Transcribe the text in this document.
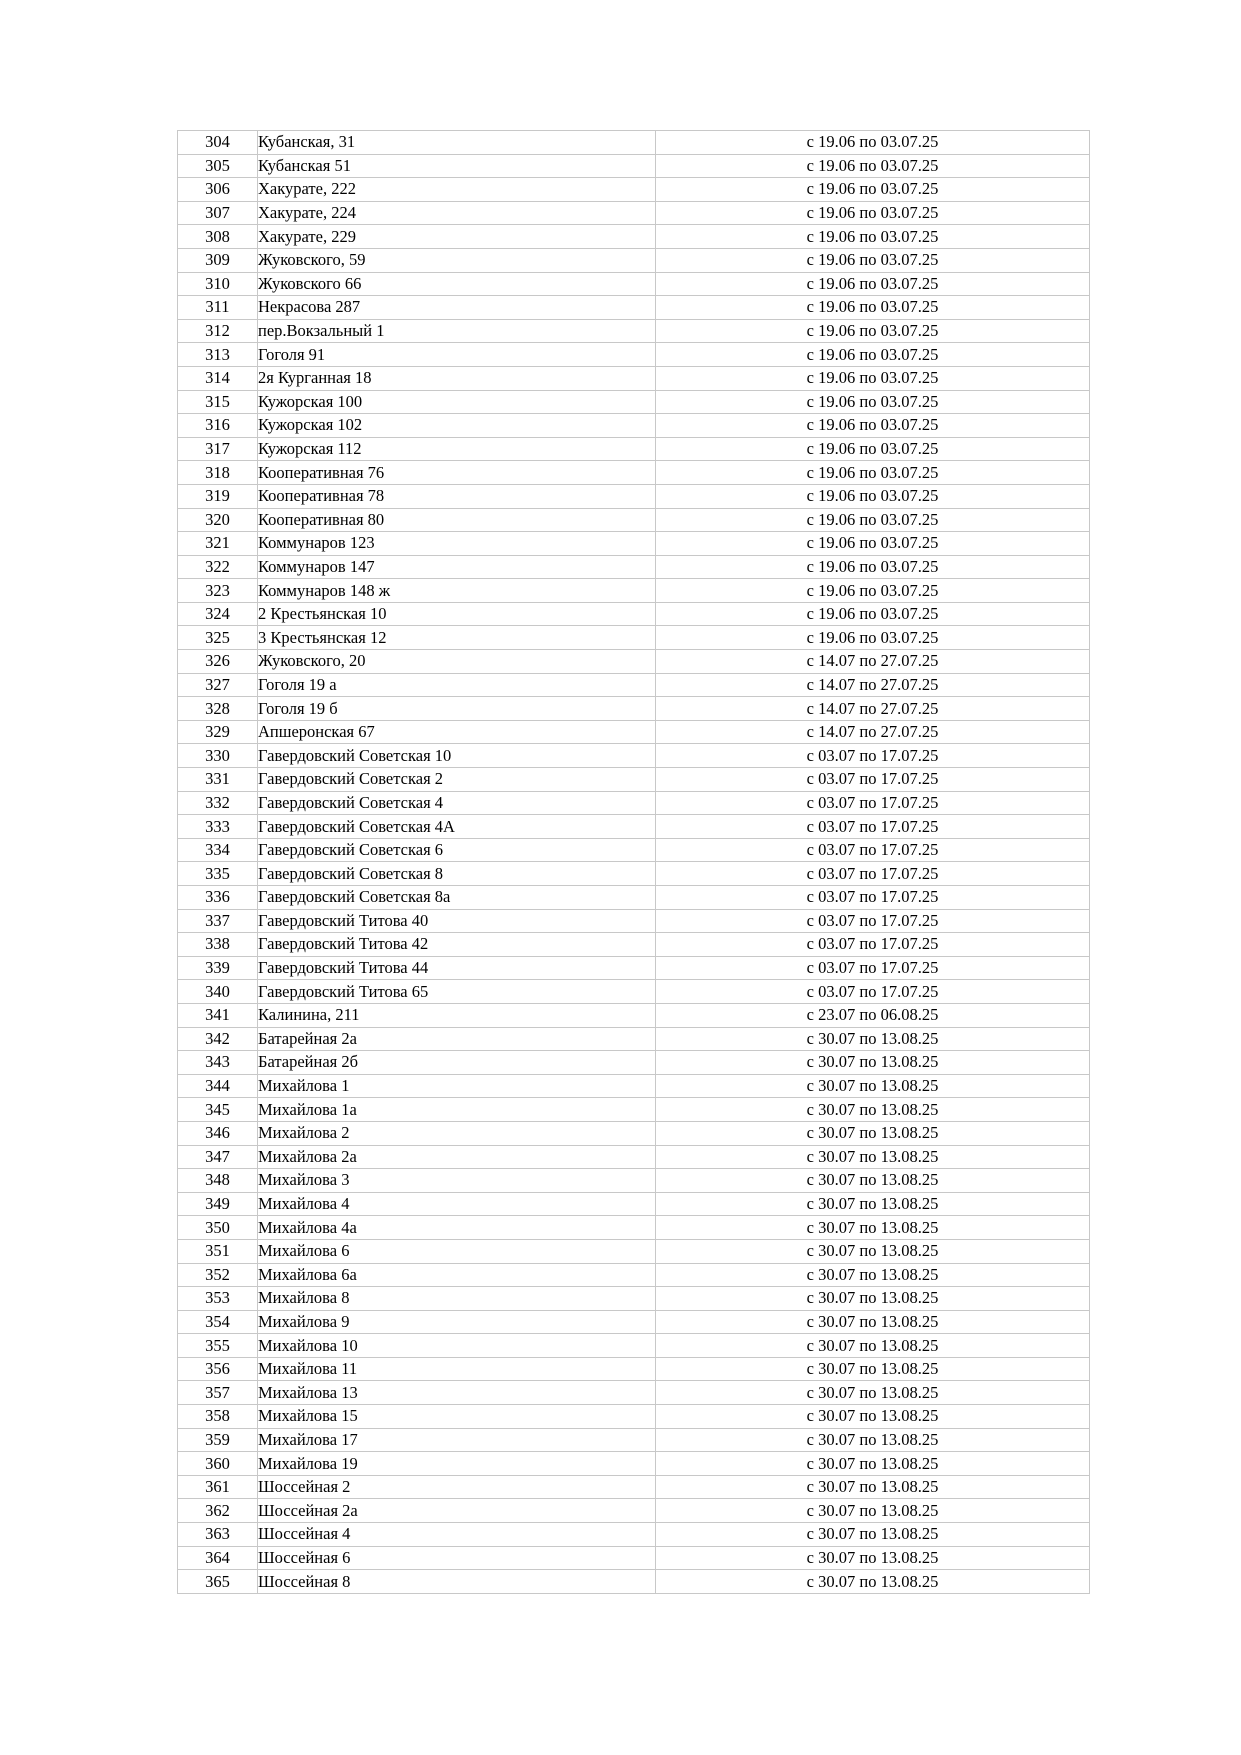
304	Кубанская, 31	с 19.06 по 03.07.25
305	Кубанская 51	с 19.06 по 03.07.25
306	Хакурате, 222	с 19.06 по 03.07.25
307	Хакурате, 224	с 19.06 по 03.07.25
308	Хакурате, 229	с 19.06 по 03.07.25
309	Жуковского, 59	с 19.06 по 03.07.25
310	Жуковского 66	с 19.06 по 03.07.25
311	Некрасова 287	с 19.06 по 03.07.25
312	пер.Вокзальный 1	с 19.06 по 03.07.25
313	Гоголя 91	с 19.06 по 03.07.25
314	2я Курганная 18	с 19.06 по 03.07.25
315	Кужорская 100	с 19.06 по 03.07.25
316	Кужорская 102	с 19.06 по 03.07.25
317	Кужорская 112	с 19.06 по 03.07.25
318	Кооперативная 76	с 19.06 по 03.07.25
319	Кооперативная 78	с 19.06 по 03.07.25
320	Кооперативная 80	с 19.06 по 03.07.25
321	Коммунаров 123	с 19.06 по 03.07.25
322	Коммунаров 147	с 19.06 по 03.07.25
323	Коммунаров 148 ж	с 19.06 по 03.07.25
324	2 Крестьянская 10	с 19.06 по 03.07.25
325	3 Крестьянская 12	с 19.06 по 03.07.25
326	Жуковского, 20	с 14.07 по 27.07.25
327	Гоголя 19 а	с 14.07 по 27.07.25
328	Гоголя 19 б	с 14.07 по 27.07.25
329	Апшеронская 67	с 14.07 по 27.07.25
330	Гавердовский Советская 10	с 03.07 по 17.07.25
331	Гавердовский Советская 2	с 03.07 по 17.07.25
332	Гавердовский Советская 4	с 03.07 по 17.07.25
333	Гавердовский Советская 4А	с 03.07 по 17.07.25
334	Гавердовский Советская 6	с 03.07 по 17.07.25
335	Гавердовский Советская 8	с 03.07 по 17.07.25
336	Гавердовский Советская 8а	с 03.07 по 17.07.25
337	Гавердовский Титова 40	с 03.07 по 17.07.25
338	Гавердовский Титова 42	с 03.07 по 17.07.25
339	Гавердовский Титова 44	с 03.07 по 17.07.25
340	Гавердовский Титова 65	с 03.07 по 17.07.25
341	Калинина, 211	с 23.07 по 06.08.25
342	Батарейная 2а	с 30.07 по 13.08.25
343	Батарейная 2б	с 30.07 по 13.08.25
344	Михайлова 1	с 30.07 по 13.08.25
345	Михайлова 1а	с 30.07 по 13.08.25
346	Михайлова 2	с 30.07 по 13.08.25
347	Михайлова 2а	с 30.07 по 13.08.25
348	Михайлова 3	с 30.07 по 13.08.25
349	Михайлова 4	с 30.07 по 13.08.25
350	Михайлова 4а	с 30.07 по 13.08.25
351	Михайлова 6	с 30.07 по 13.08.25
352	Михайлова 6а	с 30.07 по 13.08.25
353	Михайлова 8	с 30.07 по 13.08.25
354	Михайлова 9	с 30.07 по 13.08.25
355	Михайлова 10	с 30.07 по 13.08.25
356	Михайлова 11	с 30.07 по 13.08.25
357	Михайлова 13	с 30.07 по 13.08.25
358	Михайлова 15	с 30.07 по 13.08.25
359	Михайлова 17	с 30.07 по 13.08.25
360	Михайлова 19	с 30.07 по 13.08.25
361	Шоссейная 2	с 30.07 по 13.08.25
362	Шоссейная 2а	с 30.07 по 13.08.25
363	Шоссейная 4	с 30.07 по 13.08.25
364	Шоссейная 6	с 30.07 по 13.08.25
365	Шоссейная 8	с 30.07 по 13.08.25
